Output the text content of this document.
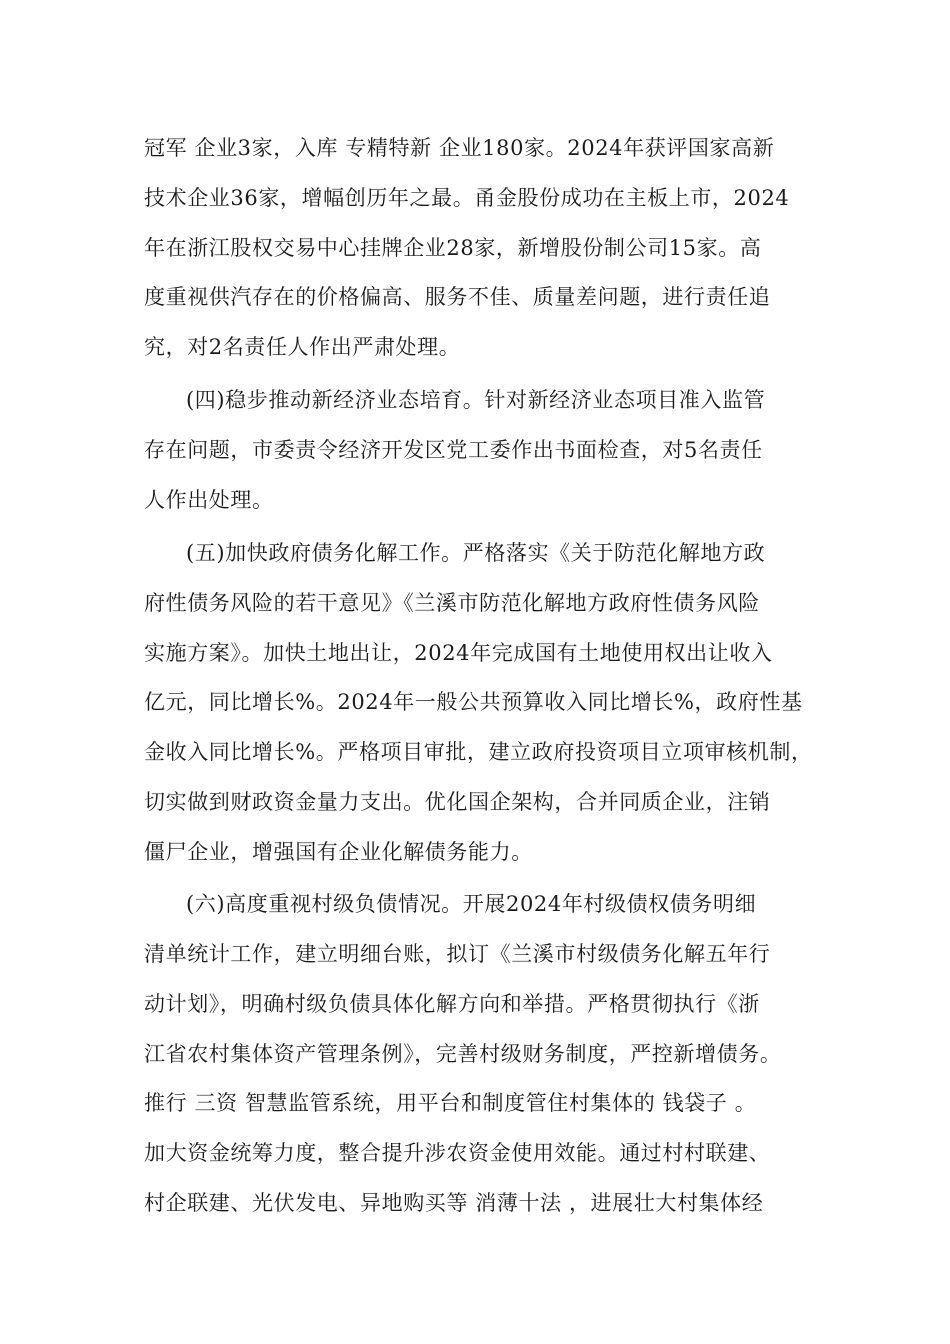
冠军 企业3家，入库 专精特新 企业180家。2024年获评国家高新
技术企业36家，增幅创历年之最。甬金股份成功在主板上市，2024
年在浙江股权交易中心挂牌企业28家，新增股份制公司15家。高
度重视供汽存在的价格偏高、服务不佳、质量差问题，进行责任追
究，对2名责任人作出严肃处理。
(四)稳步推动新经济业态培育。针对新经济业态项目准入监管
存在问题，市委责令经济开发区党工委作出书面检查，对5名责任
人作出处理。
(五)加快政府债务化解工作。严格落实《关于防范化解地方政
府性债务风险的若干意见》《兰溪市防范化解地方政府性债务风险
实施方案》。加快土地出让，2024年完成国有土地使用权出让收入
亿元，同比增长%。2024年一般公共预算收入同比增长%，政府性基
金收入同比增长%。严格项目审批，建立政府投资项目立项审核机制，
切实做到财政资金量力支出。优化国企架构，合并同质企业，注销
僵尸企业，增强国有企业化解债务能力。
(六)高度重视村级负债情况。开展2024年村级债权债务明细
清单统计工作，建立明细台账，拟订《兰溪市村级债务化解五年行
动计划》，明确村级负债具体化解方向和举措。严格贯彻执行《浙
江省农村集体资产管理条例》，完善村级财务制度，严控新增债务。
推行 三资 智慧监管系统，用平台和制度管住村集体的 钱袋子 。
加大资金统筹力度，整合提升涉农资金使用效能。通过村村联建、
村企联建、光伏发电、异地购买等 消薄十法 ，进展壮大村集体经
